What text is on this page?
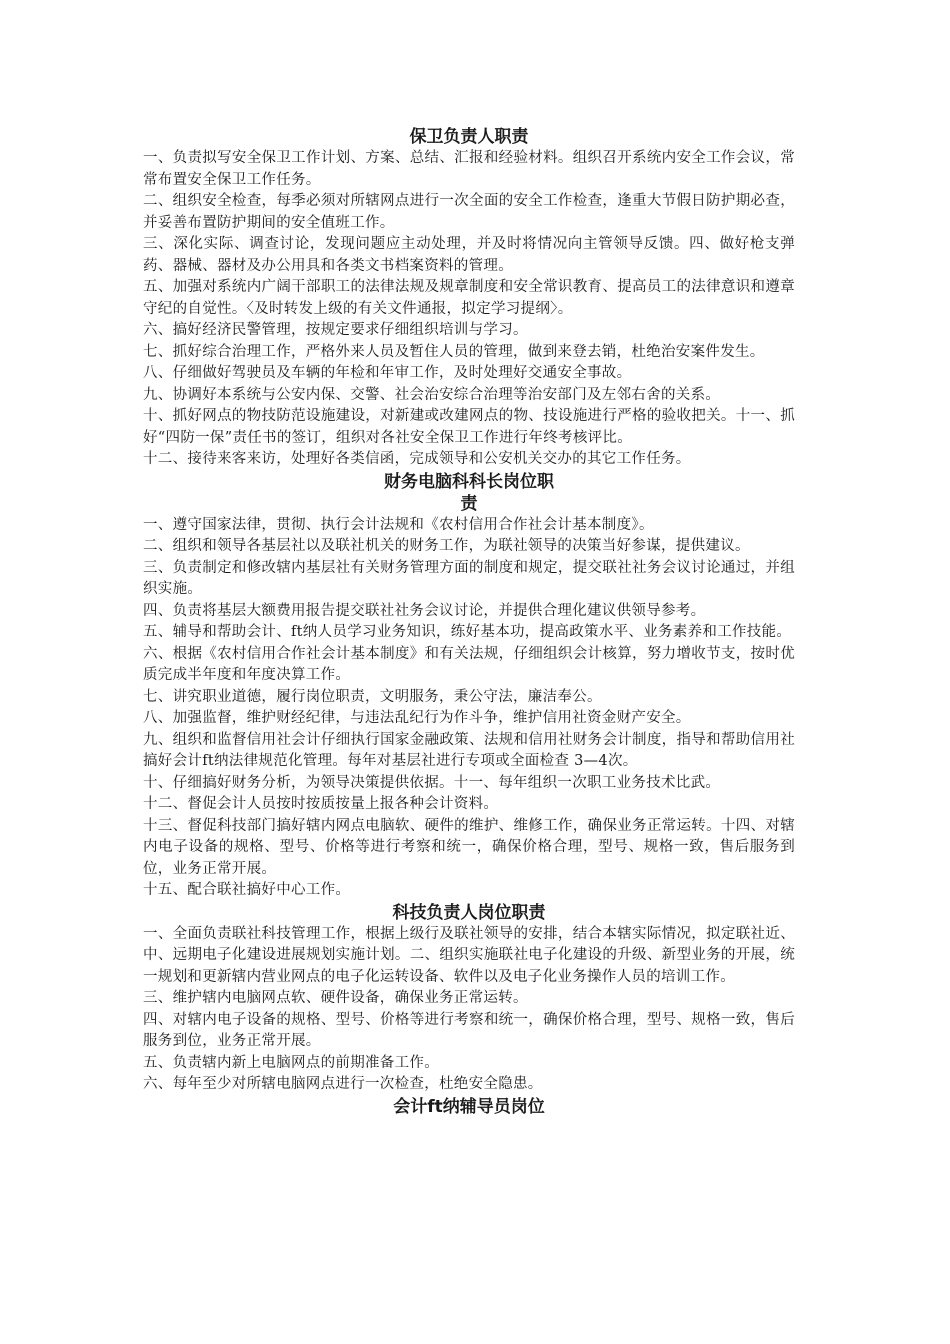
保卫负责人职责

一、负责拟写安全保卫工作计划、方案、总结、汇报和经验材料。组织召开系统内安全工作会议，常常布置安全保卫工作任务。

二、组织安全检查，每季必须对所辖网点进行一次全面的安全工作检查，逢重大节假日防护期必查，并妥善布置防护期间的安全值班工作。

三、深化实际、调查讨论，发现问题应主动处理，并及时将情况向主管领导反馈。四、做好枪支弹药、器械、器材及办公用具和各类文书档案资料的管理。

五、加强对系统内广阔干部职工的法律法规及规章制度和安全常识教育、提高员工的法律意识和遵章守纪的自觉性。〈及时转发上级的有关文件通报，拟定学习提纲〉。

六、搞好经济民警管理，按规定要求仔细组织培训与学习。

七、抓好综合治理工作，严格外来人员及暂住人员的管理，做到来登去销，杜绝治安案件发生。

八、仔细做好驾驶员及车辆的年检和年审工作，及时处理好交通安全事故。

九、协调好本系统与公安内保、交警、社会治安综合治理等治安部门及左邻右舍的关系。

十、抓好网点的物技防范设施建设，对新建或改建网点的物、技设施进行严格的验收把关。十一、抓好“四防一保”责任书的签订，组织对各社安全保卫工作进行年终考核评比。

十二、接待来客来访，处理好各类信函，完成领导和公安机关交办的其它工作任务。

财务电脑科科长岗位职
责

一、遵守国家法律，贯彻、执行会计法规和《农村信用合作社会计基本制度》。

二、组织和领导各基层社以及联社机关的财务工作，为联社领导的决策当好参谋，提供建议。

三、负责制定和修改辖内基层社有关财务管理方面的制度和规定，提交联社社务会议讨论通过，并组织实施。

四、负责将基层大额费用报告提交联社社务会议讨论，并提供合理化建议供领导参考。

五、辅导和帮助会计、ft纳人员学习业务知识，练好基本功，提高政策水平、业务素养和工作技能。

六、根据《农村信用合作社会计基本制度》和有关法规，仔细组织会计核算，努力增收节支，按时优质完成半年度和年度决算工作。

七、讲究职业道德，履行岗位职责，文明服务，秉公守法，廉洁奉公。

八、加强监督，维护财经纪律，与违法乱纪行为作斗争，维护信用社资金财产安全。

九、组织和监督信用社会计仔细执行国家金融政策、法规和信用社财务会计制度，指导和帮助信用社搞好会计ft纳法律规范化管理。每年对基层社进行专项或全面检查 3—4次。

十、仔细搞好财务分析，为领导决策提供依据。十一、每年组织一次职工业务技术比武。

十二、督促会计人员按时按质按量上报各种会计资料。

十三、督促科技部门搞好辖内网点电脑软、硬件的维护、维修工作，确保业务正常运转。十四、对辖内电子设备的规格、型号、价格等进行考察和统一，确保价格合理，型号、规格一致，售后服务到位，业务正常开展。

十五、配合联社搞好中心工作。

科技负责人岗位职责

一、全面负责联社科技管理工作，根据上级行及联社领导的安排，结合本辖实际情况，拟定联社近、中、远期电子化建设进展规划实施计划。二、组织实施联社电子化建设的升级、新型业务的开展，统一规划和更新辖内营业网点的电子化运转设备、软件以及电子化业务操作人员的培训工作。

三、维护辖内电脑网点软、硬件设备，确保业务正常运转。

四、对辖内电子设备的规格、型号、价格等进行考察和统一，确保价格合理，型号、规格一致，售后服务到位，业务正常开展。

五、负责辖内新上电脑网点的前期准备工作。

六、每年至少对所辖电脑网点进行一次检查，杜绝安全隐患。

会计ft纳辅导员岗位
